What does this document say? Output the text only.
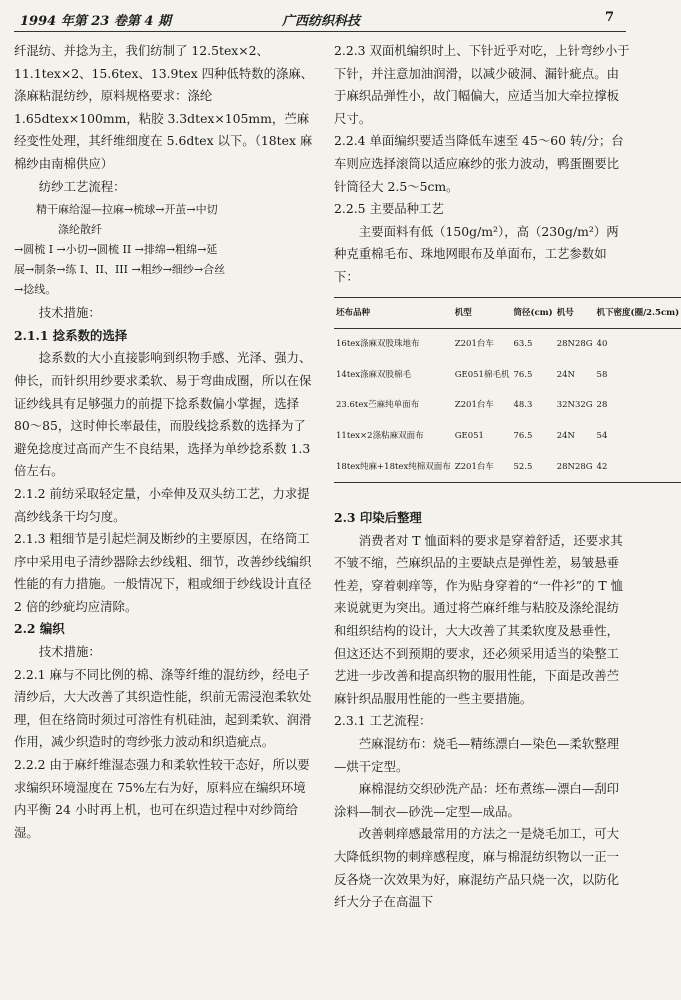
1994 年第 23 卷第 4 期	广西纺织科技	7

纤混纺、并捻为主，我们纺制了 12.5tex×2、11.1tex×2、15.6tex、13.9tex 四种低特数的涤麻、涤麻粘混纺纱，原料规格要求：涤纶 1.65dtex×100mm，粘胶 3.3dtex×105mm，苎麻经变性处理，其纤维细度在 5.6dtex 以下。（18tex 麻棉纱由南棉供应）

纺纱工艺流程：

精干麻给湿—拉麻→梳球→开茧→中切
涤纶散纤
→圆梳 I →小切→圆梳 II →排绵→粗绵→延
展→制条→练 I、II、III →粗纱→细纱→合丝
→捻线。

技术措施：

2.1.1 捻系数的选择

捻系数的大小直接影响到织物手感、光泽、强力、伸长，而针织用纱要求柔软、易于弯曲成圈，所以在保证纱线具有足够强力的前提下捻系数偏小掌握，选择 80～85，这时伸长率最佳，而股线捻系数的选择为了避免捻度过高而产生不良结果，选择为单纱捻系数 1.3 倍左右。

2.1.2 前纺采取轻定量，小牵伸及双头纺工艺，力求提高纱线条干均匀度。

2.1.3 粗细节是引起烂洞及断纱的主要原因，在络筒工序中采用电子清纱器除去纱线粗、细节，改善纱线编织性能的有力措施。一般情况下，粗或细于纱线设计直径 2 倍的纱疵均应清除。

2.2 编织

技术措施：

2.2.1 麻与不同比例的棉、涤等纤维的混纺纱，经电子清纱后，大大改善了其织造性能，织前无需浸泡柔软处理，但在络筒时须过可溶性有机硅油，起到柔软、润滑作用，减少织造时的弯纱张力波动和织造疵点。

2.2.2 由于麻纤维湿态强力和柔软性较干态好，所以要求编织环境湿度在 75%左右为好，原料应在编织环境内平衡 24 小时再上机，也可在织造过程中对纱筒给湿。

2.2.3 双面机编织时上、下针近乎对吃，上针弯纱小于下针，并注意加油润滑，以减少破洞、漏针疵点。由于麻织品弹性小，故门幅偏大，应适当加大牵拉撑板尺寸。

2.2.4 单面编织要适当降低车速至 45～60 转/分；台车则应选择滚筒以适应麻纱的张力波动，鸭蛋圈要比针筒径大 2.5～5cm。

2.2.5 主要品种工艺

主要面料有低（150g/m²），高（230g/m²）两种克重棉毛布、珠地网眼布及单面布，工艺参数如下：

坯布品种	机型	筒径(cm)	机号	机下密度(圈/2.5cm)
16tex涤麻双股珠地布	Z201台车	63.5	28N28G	40
14tex涤麻双股棉毛	GE051棉毛机	76.5	24N	58
23.6tex苎麻纯单面布	Z201台车	48.3	32N32G	28
11tex×2涤粘麻双面布	GE051	76.5	24N	54
18tex纯麻+18tex纯棉双面布	Z201台车	52.5	28N28G	42

2.3 印染后整理

消费者对 T 恤面料的要求是穿着舒适，还要求其不皱不缩，苎麻织品的主要缺点是弹性差，易皱悬垂性差，穿着刺痒等，作为贴身穿着的“一件衫”的 T 恤来说就更为突出。通过将苎麻纤维与粘胶及涤纶混纺和组织结构的设计，大大改善了其柔软度及悬垂性，但这还达不到预期的要求，还必须采用适当的染整工艺进一步改善和提高织物的服用性能，下面是改善苎麻针织品服用性能的一些主要措施。

2.3.1 工艺流程：

苎麻混纺布：烧毛—精练漂白—染色—柔软整理—烘干定型。

麻棉混纺交织砂洗产品：坯布煮练—漂白—刮印涂料—制衣—砂洗—定型—成品。

改善刺痒感最常用的方法之一是烧毛加工，可大大降低织物的刺痒感程度，麻与棉混纺织物以一正一反各烧一次效果为好，麻混纺产品只烧一次，以防化纤大分子在高温下
